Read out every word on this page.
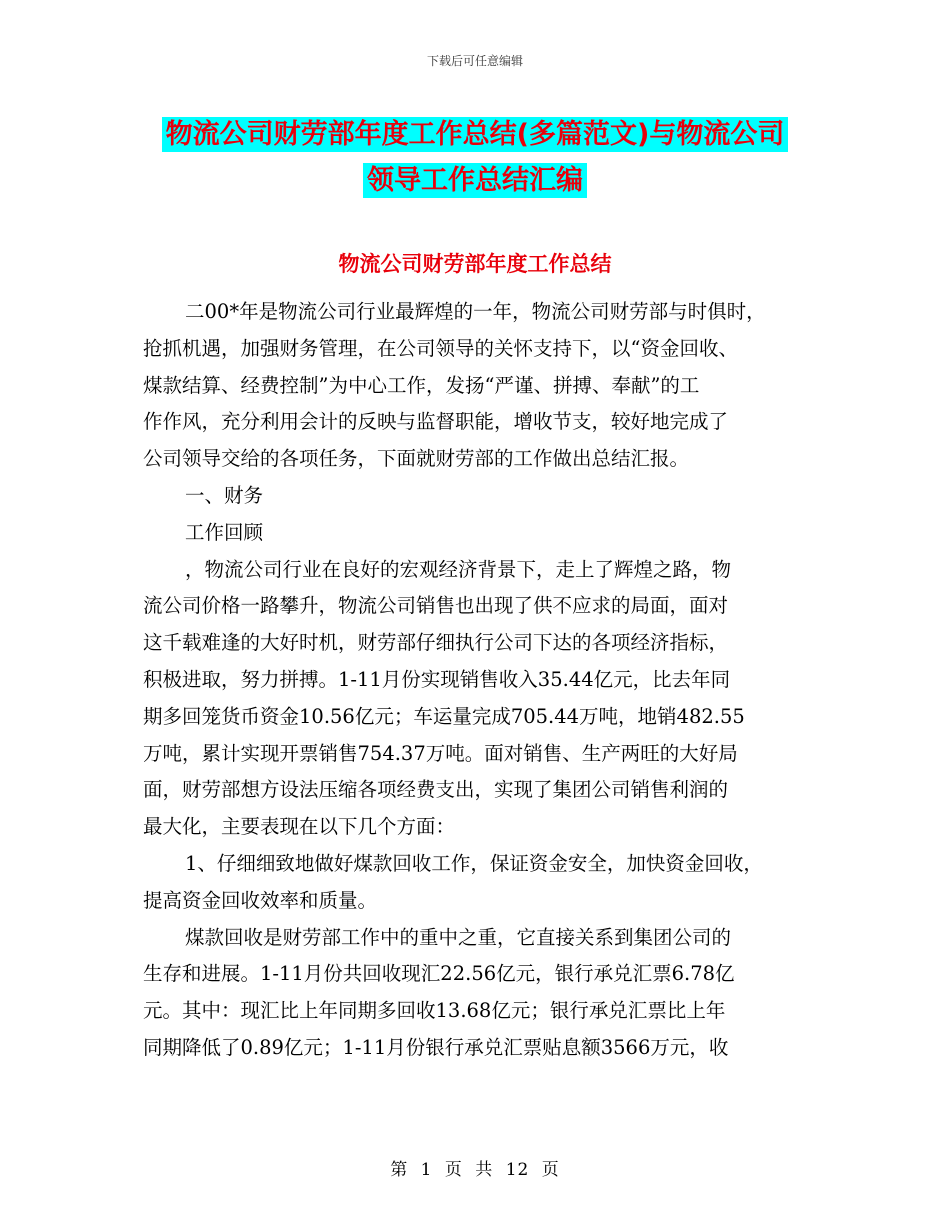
下载后可任意编辑
物流公司财劳部年度工作总结(多篇范文)与物流公司
领导工作总结汇编
物流公司财劳部年度工作总结
二00*年是物流公司行业最辉煌的一年，物流公司财劳部与时俱时，
抢抓机遇，加强财务管理，在公司领导的关怀支持下，以“资金回收、
煤款结算、经费控制”为中心工作，发扬“严谨、拼搏、奉献”的工
作作风，充分利用会计的反映与监督职能，增收节支，较好地完成了
公司领导交给的各项任务，下面就财劳部的工作做出总结汇报。
一、财务
工作回顾
，物流公司行业在良好的宏观经济背景下，走上了辉煌之路，物
流公司价格一路攀升，物流公司销售也出现了供不应求的局面，面对
这千载难逢的大好时机，财劳部仔细执行公司下达的各项经济指标，
积极进取，努力拼搏。1-11月份实现销售收入35.44亿元，比去年同
期多回笼货币资金10.56亿元；车运量完成705.44万吨，地销482.55
万吨，累计实现开票销售754.37万吨。面对销售、生产两旺的大好局
面，财劳部想方设法压缩各项经费支出，实现了集团公司销售利润的
最大化，主要表现在以下几个方面：
1、仔细细致地做好煤款回收工作，保证资金安全，加快资金回收，
提高资金回收效率和质量。
煤款回收是财劳部工作中的重中之重，它直接关系到集团公司的
生存和进展。1-11月份共回收现汇22.56亿元，银行承兑汇票6.78亿
元。其中：现汇比上年同期多回收13.68亿元；银行承兑汇票比上年
同期降低了0.89亿元；1-11月份银行承兑汇票贴息额3566万元，收
第 1 页 共 12 页
